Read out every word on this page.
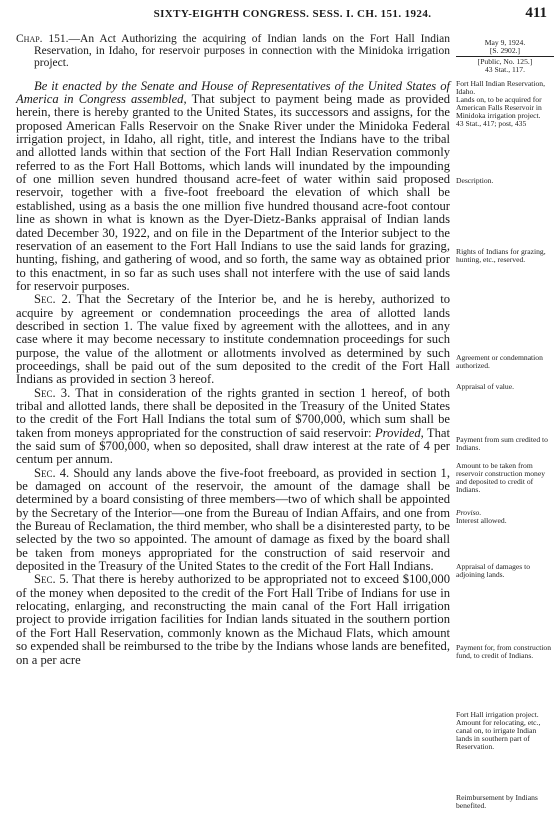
SIXTY-EIGHTH CONGRESS. SESS. I. CH. 151. 1924.	411

Chap. 151.—An Act Authorizing the acquiring of Indian lands on the Fort Hall Indian Reservation, in Idaho, for reservoir purposes in connection with the Minidoka irrigation project.

Be it enacted by the Senate and House of Representatives of the United States of America in Congress assembled, That subject to payment being made as provided herein, there is hereby granted to the United States, its successors and assigns, for the proposed American Falls Reservoir on the Snake River under the Minidoka Federal irrigation project, in Idaho, all right, title, and interest the Indians have to the tribal and allotted lands within that section of the Fort Hall Indian Reservation commonly referred to as the Fort Hall Bottoms, which lands will inundated by the impounding of one million seven hundred thousand acre-feet of water within said proposed reservoir, together with a five-foot freeboard the elevation of which shall be established, using as a basis the one million five hundred thousand acre-foot contour line as shown in what is known as the Dyer-Dietz-Banks appraisal of Indian lands dated December 30, 1922, and on file in the Department of the Interior subject to the reservation of an easement to the Fort Hall Indians to use the said lands for grazing, hunting, fishing, and gathering of wood, and so forth, the same way as obtained prior to this enactment, in so far as such uses shall not interfere with the use of said lands for reservoir purposes.

Sec. 2. That the Secretary of the Interior be, and he is hereby, authorized to acquire by agreement or condemnation proceedings the area of allotted lands described in section 1. The value fixed by agreement with the allottees, and in any case where it may become necessary to institute condemnation proceedings for such purpose, the value of the allotment or allotments involved as determined by such proceedings, shall be paid out of the sum deposited to the credit of the Fort Hall Indians as provided in section 3 hereof.

Sec. 3. That in consideration of the rights granted in section 1 hereof, of both tribal and allotted lands, there shall be deposited in the Treasury of the United States to the credit of the Fort Hall Indians the total sum of $700,000, which sum shall be taken from moneys appropriated for the construction of said reservoir: Provided, That the said sum of $700,000, when so deposited, shall draw interest at the rate of 4 per centum per annum.

Sec. 4. Should any lands above the five-foot freeboard, as provided in section 1, be damaged on account of the reservoir, the amount of the damage shall be determined by a board consisting of three members—two of which shall be appointed by the Secretary of the Interior—one from the Bureau of Indian Affairs, and one from the Bureau of Reclamation, the third member, who shall be a disinterested party, to be selected by the two so appointed. The amount of damage as fixed by the board shall be taken from moneys appropriated for the construction of said reservoir and deposited in the Treasury of the United States to the credit of the Fort Hall Indians.

Sec. 5. That there is hereby authorized to be appropriated not to exceed $100,000 of the money when deposited to the credit of the Fort Hall Tribe of Indians for use in relocating, enlarging, and reconstructing the main canal of the Fort Hall irrigation project to provide irrigation facilities for Indian lands situated in the southern portion of the Fort Hall Reservation, commonly known as the Michaud Flats, which amount so expended shall be reimbursed to the tribe by the Indians whose lands are benefited, on a per acre

May 9, 1924.
[S. 2902.]
[Public, No. 125.]
43 Stat., 117.
Fort Hall Indian Reservation, Idaho.
Lands on, to be acquired for American Falls Reservoir in Minidoka irrigation project.
43 Stat., 417; post, 435
Description.
Rights of Indians for grazing, hunting, etc., reserved.
Agreement or condemnation authorized.
Appraisal of value.
Payment from sum credited to Indians.
Amount to be taken from reservoir construction money and deposited to credit of Indians.
Proviso.
Interest allowed.
Appraisal of damages to adjoining lands.
Payment for, from construction fund, to credit of Indians.
Fort Hall irrigation project.
Amount for relocating, etc., canal on, to irrigate Indian lands in southern part of Reservation.
Reimbursement by Indians benefited.
